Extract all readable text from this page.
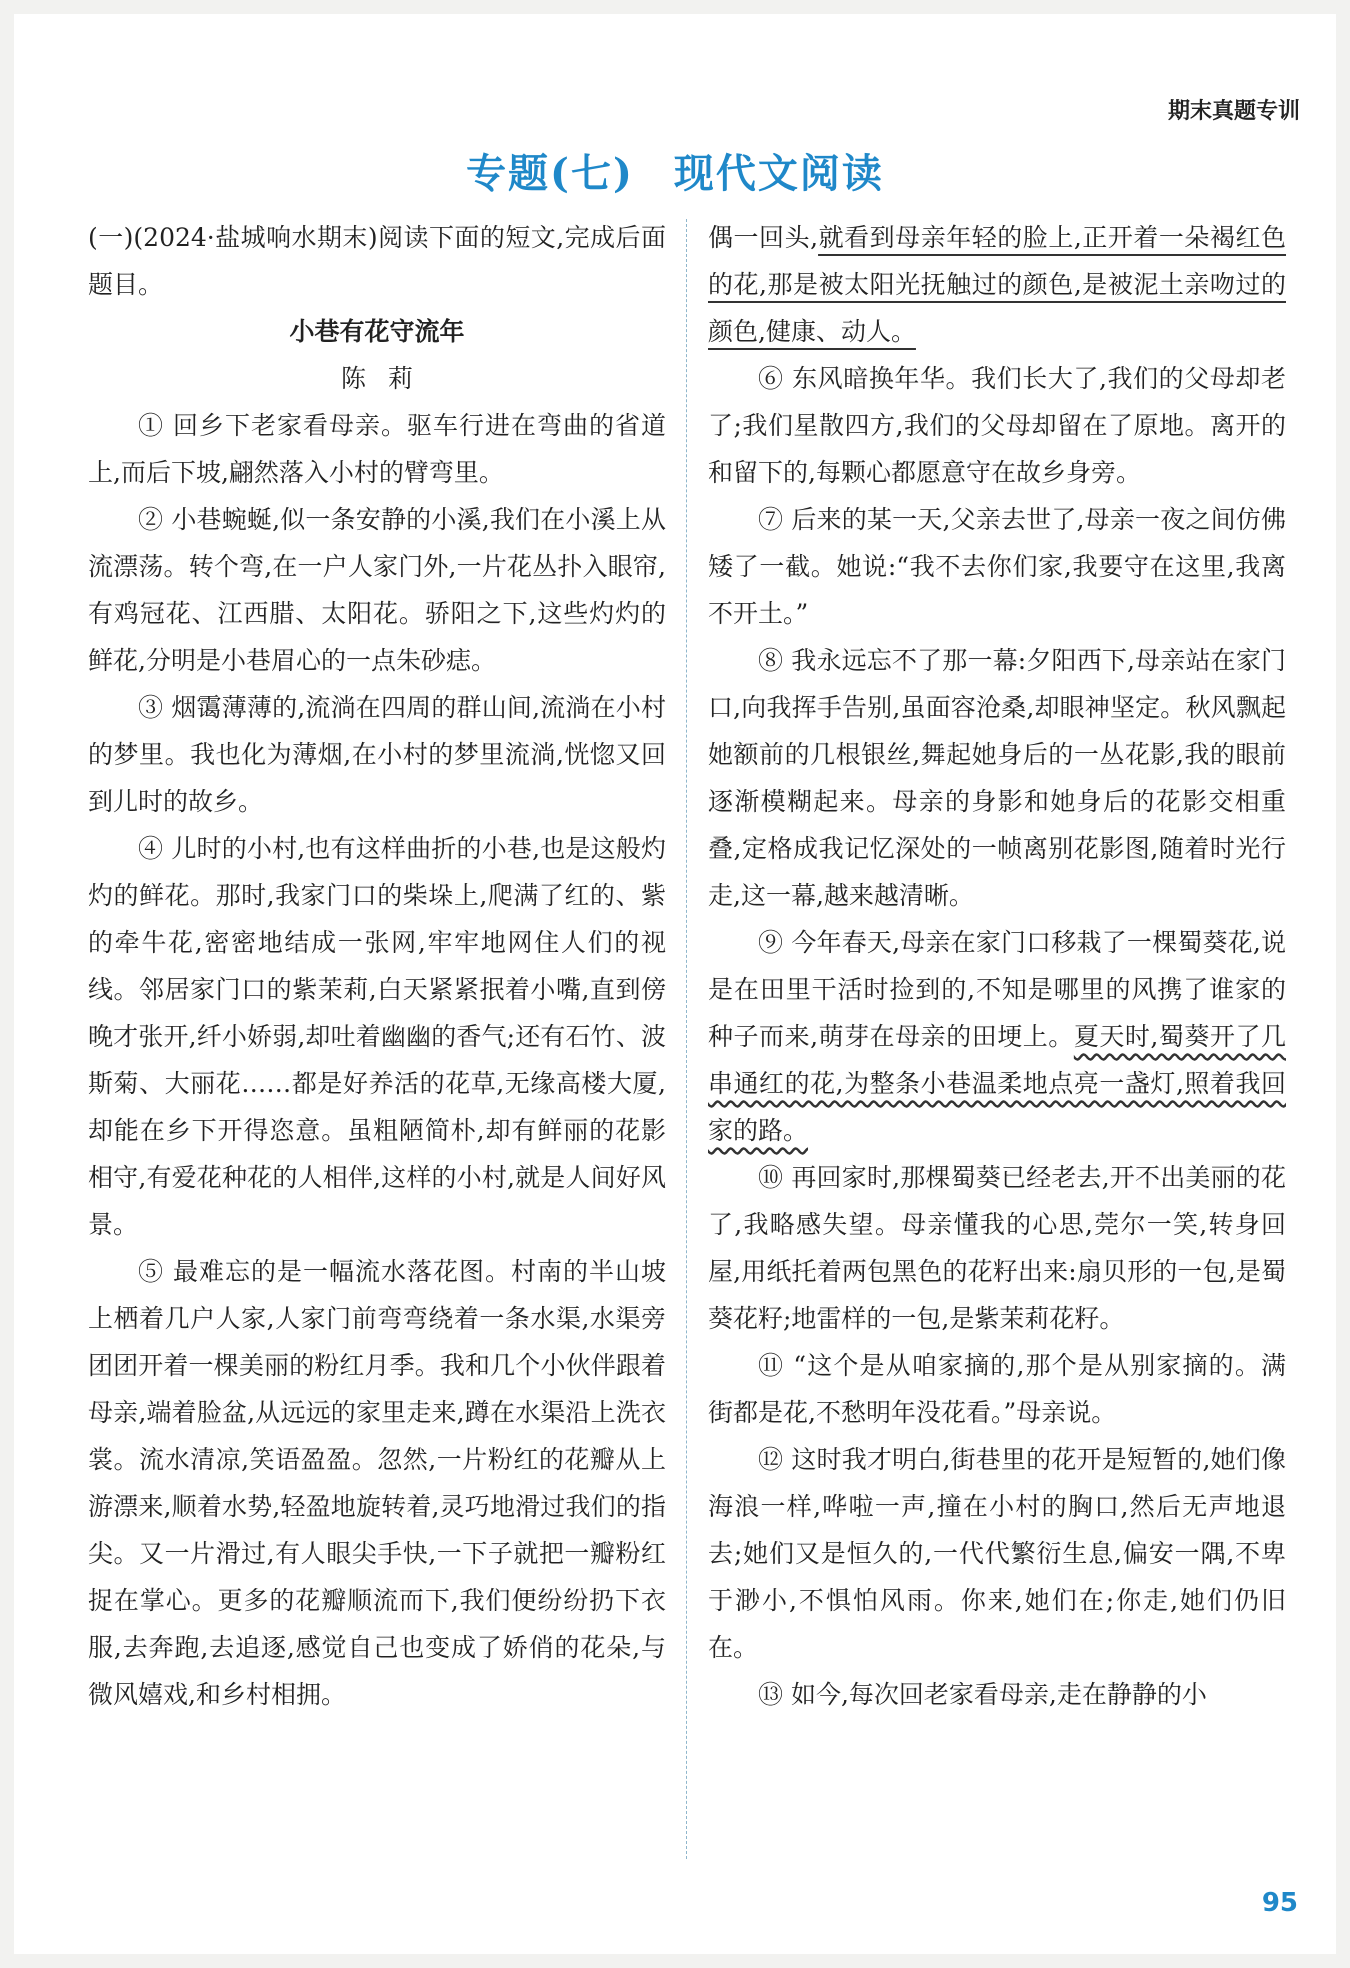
期末真题专训
专题(七) 现代文阅读

(一)(2024·盐城响水期末)阅读下面的短文,完成后面题目。

小巷有花守流年

陈莉

① 回乡下老家看母亲。驱车行进在弯曲的省道上,而后下坡,翩然落入小村的臂弯里。

② 小巷蜿蜒,似一条安静的小溪,我们在小溪上从流漂荡。转个弯,在一户人家门外,一片花丛扑入眼帘,有鸡冠花、江西腊、太阳花。骄阳之下,这些灼灼的鲜花,分明是小巷眉心的一点朱砂痣。

③ 烟霭薄薄的,流淌在四周的群山间,流淌在小村的梦里。我也化为薄烟,在小村的梦里流淌,恍惚又回到儿时的故乡。

④ 儿时的小村,也有这样曲折的小巷,也是这般灼灼的鲜花。那时,我家门口的柴垛上,爬满了红的、紫的牵牛花,密密地结成一张网,牢牢地网住人们的视线。邻居家门口的紫茉莉,白天紧紧抿着小嘴,直到傍晚才张开,纤小娇弱,却吐着幽幽的香气;还有石竹、波斯菊、大丽花……都是好养活的花草,无缘高楼大厦,却能在乡下开得恣意。虽粗陋简朴,却有鲜丽的花影相守,有爱花种花的人相伴,这样的小村,就是人间好风景。

⑤ 最难忘的是一幅流水落花图。村南的半山坡上栖着几户人家,人家门前弯弯绕着一条水渠,水渠旁团团开着一棵美丽的粉红月季。我和几个小伙伴跟着母亲,端着脸盆,从远远的家里走来,蹲在水渠沿上洗衣裳。流水清凉,笑语盈盈。忽然,一片粉红的花瓣从上游漂来,顺着水势,轻盈地旋转着,灵巧地滑过我们的指尖。又一片滑过,有人眼尖手快,一下子就把一瓣粉红捉在掌心。更多的花瓣顺流而下,我们便纷纷扔下衣服,去奔跑,去追逐,感觉自己也变成了娇俏的花朵,与微风嬉戏,和乡村相拥。

偶一回头,就看到母亲年轻的脸上,正开着一朵褐红色的花,那是被太阳光抚触过的颜色,是被泥土亲吻过的颜色,健康、动人。

⑥ 东风暗换年华。我们长大了,我们的父母却老了;我们星散四方,我们的父母却留在了原地。离开的和留下的,每颗心都愿意守在故乡身旁。

⑦ 后来的某一天,父亲去世了,母亲一夜之间仿佛矮了一截。她说:“我不去你们家,我要守在这里,我离不开土。”

⑧ 我永远忘不了那一幕:夕阳西下,母亲站在家门口,向我挥手告别,虽面容沧桑,却眼神坚定。秋风飘起她额前的几根银丝,舞起她身后的一丛花影,我的眼前逐渐模糊起来。母亲的身影和她身后的花影交相重叠,定格成我记忆深处的一帧离别花影图,随着时光行走,这一幕,越来越清晰。

⑨ 今年春天,母亲在家门口移栽了一棵蜀葵花,说是在田里干活时捡到的,不知是哪里的风携了谁家的种子而来,萌芽在母亲的田埂上。夏天时,蜀葵开了几串通红的花,为整条小巷温柔地点亮一盏灯,照着我回家的路。

⑩ 再回家时,那棵蜀葵已经老去,开不出美丽的花了,我略感失望。母亲懂我的心思,莞尔一笑,转身回屋,用纸托着两包黑色的花籽出来:扇贝形的一包,是蜀葵花籽;地雷样的一包,是紫茉莉花籽。

⑪ “这个是从咱家摘的,那个是从别家摘的。满街都是花,不愁明年没花看。”母亲说。

⑫ 这时我才明白,街巷里的花开是短暂的,她们像海浪一样,哗啦一声,撞在小村的胸口,然后无声地退去;她们又是恒久的,一代代繁衍生息,偏安一隅,不卑于渺小,不惧怕风雨。你来,她们在;你走,她们仍旧在。

⑬ 如今,每次回老家看母亲,走在静静的小

95
